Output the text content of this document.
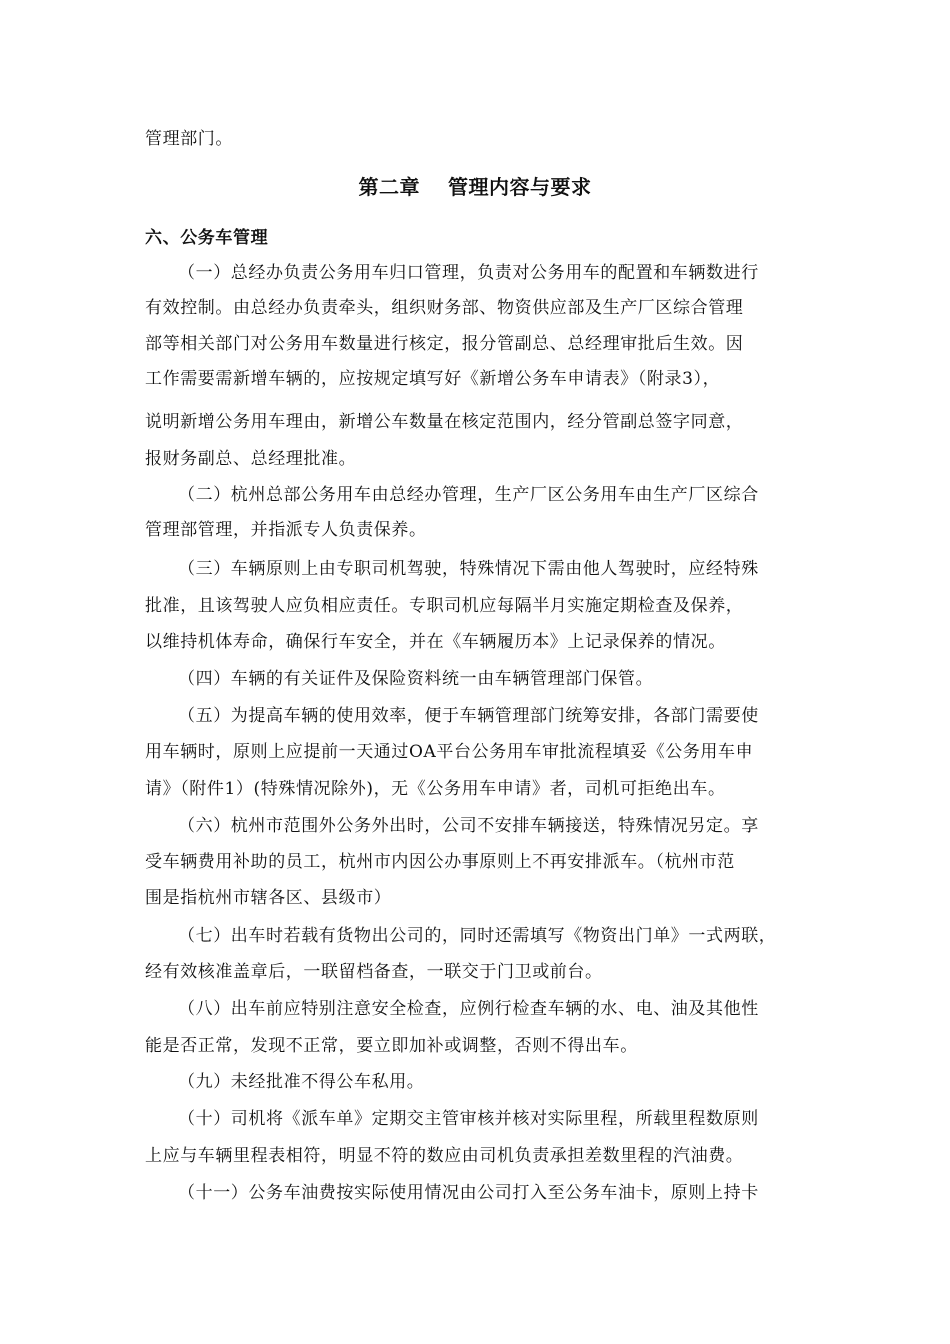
管理部门。
第二章　 管理内容与要求
六、公务车管理
（一）总经办负责公务用车归口管理，负责对公务用车的配置和车辆数进行
有效控制。由总经办负责牵头，组织财务部、物资供应部及生产厂区综合管理
部等相关部门对公务用车数量进行核定，报分管副总、总经理审批后生效。因
工作需要需新增车辆的，应按规定填写好《新增公务车申请表》（附录3），
说明新增公务用车理由，新增公车数量在核定范围内，经分管副总签字同意，
报财务副总、总经理批准。
（二）杭州总部公务用车由总经办管理，生产厂区公务用车由生产厂区综合
管理部管理，并指派专人负责保养。
（三）车辆原则上由专职司机驾驶，特殊情况下需由他人驾驶时，应经特殊
批准，且该驾驶人应负相应责任。专职司机应每隔半月实施定期检查及保养，
以维持机体寿命，确保行车安全，并在《车辆履历本》上记录保养的情况。
（四）车辆的有关证件及保险资料统一由车辆管理部门保管。
（五）为提高车辆的使用效率，便于车辆管理部门统筹安排，各部门需要使
用车辆时，原则上应提前一天通过OA平台公务用车审批流程填妥《公务用车申
请》（附件1）(特殊情况除外)，无《公务用车申请》者，司机可拒绝出车。
（六）杭州市范围外公务外出时，公司不安排车辆接送，特殊情况另定。享
受车辆费用补助的员工，杭州市内因公办事原则上不再安排派车。（杭州市范
围是指杭州市辖各区、县级市）
（七）出车时若载有货物出公司的，同时还需填写《物资出门单》一式两联，
经有效核准盖章后，一联留档备查，一联交于门卫或前台。
（八）出车前应特别注意安全检查，应例行检查车辆的水、电、油及其他性
能是否正常，发现不正常，要立即加补或调整，否则不得出车。
（九）未经批准不得公车私用。
（十）司机将《派车单》定期交主管审核并核对实际里程，所载里程数原则
上应与车辆里程表相符，明显不符的数应由司机负责承担差数里程的汽油费。
（十一）公务车油费按实际使用情况由公司打入至公务车油卡，原则上持卡
